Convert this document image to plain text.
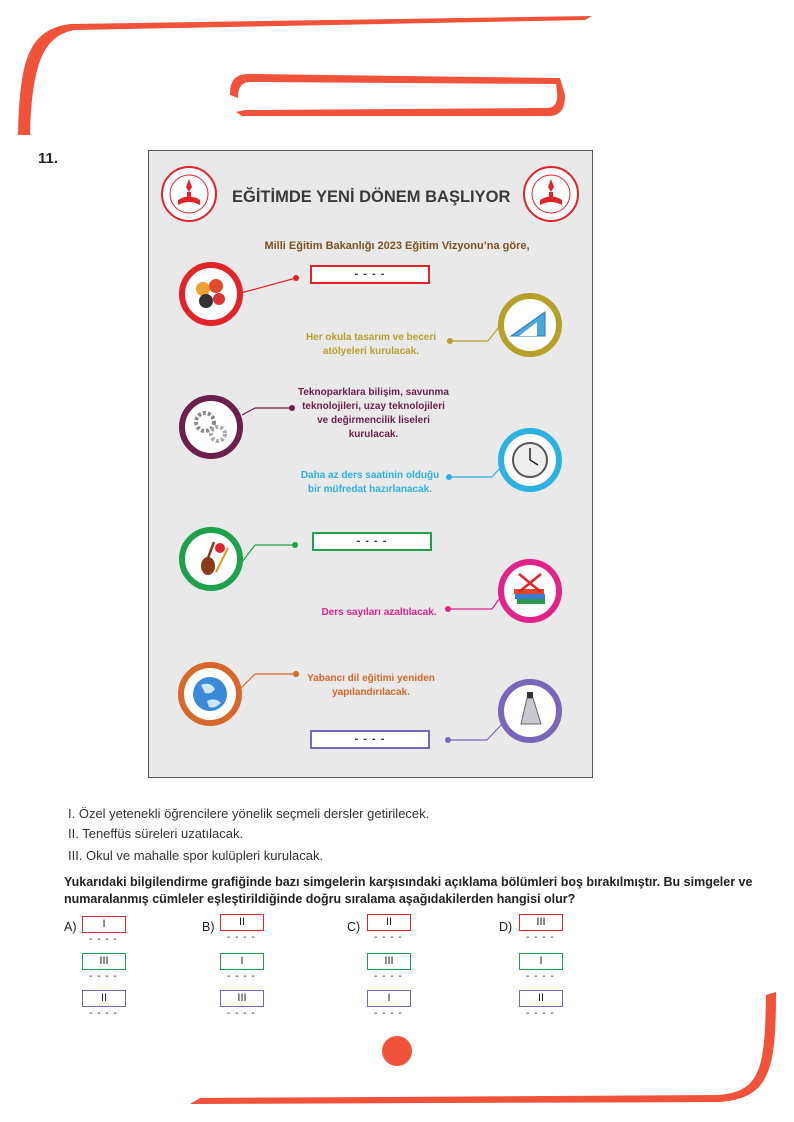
11.
EĞİTİMDE YENİ DÖNEM BAŞLIYOR
Milli Eğitim Bakanlığı 2023 Eğitim Vizyonu’na göre,
- - - -
Her okula tasarım ve beceri atölyeleri kurulacak.
Teknoparklara bilişim, savunma teknolojileri, uzay teknolojileri ve değirmencilik liseleri kurulacak.
Daha az ders saatinin olduğu bir müfredat hazırlanacak.
- - - -
Ders sayıları azaltılacak.
Yabancı dil eğitimi yeniden yapılandırılacak.
- - - -
I. Özel yetenekli öğrencilere yönelik seçmeli dersler getirilecek.
II. Teneffüs süreleri uzatılacak.
III. Okul ve mahalle spor kulüpleri kurulacak.
Yukarıdaki bilgilendirme grafiğinde bazı simgelerin karşısındaki açıklama bölümleri boş bırakılmıştır. Bu simgeler ve numaralanmış cümleler eşleştirildiğinde doğru sıralama aşağıdakilerden hangisi olur?
A)	I
- - - -
III
- - - -
II
- - - -
B)	II
- - - -
I
- - - -
III
- - - -
C)	II
- - - -
III
- - - -
I
- - - -
D)	III
- - - -
I
- - - -
II
- - - -
